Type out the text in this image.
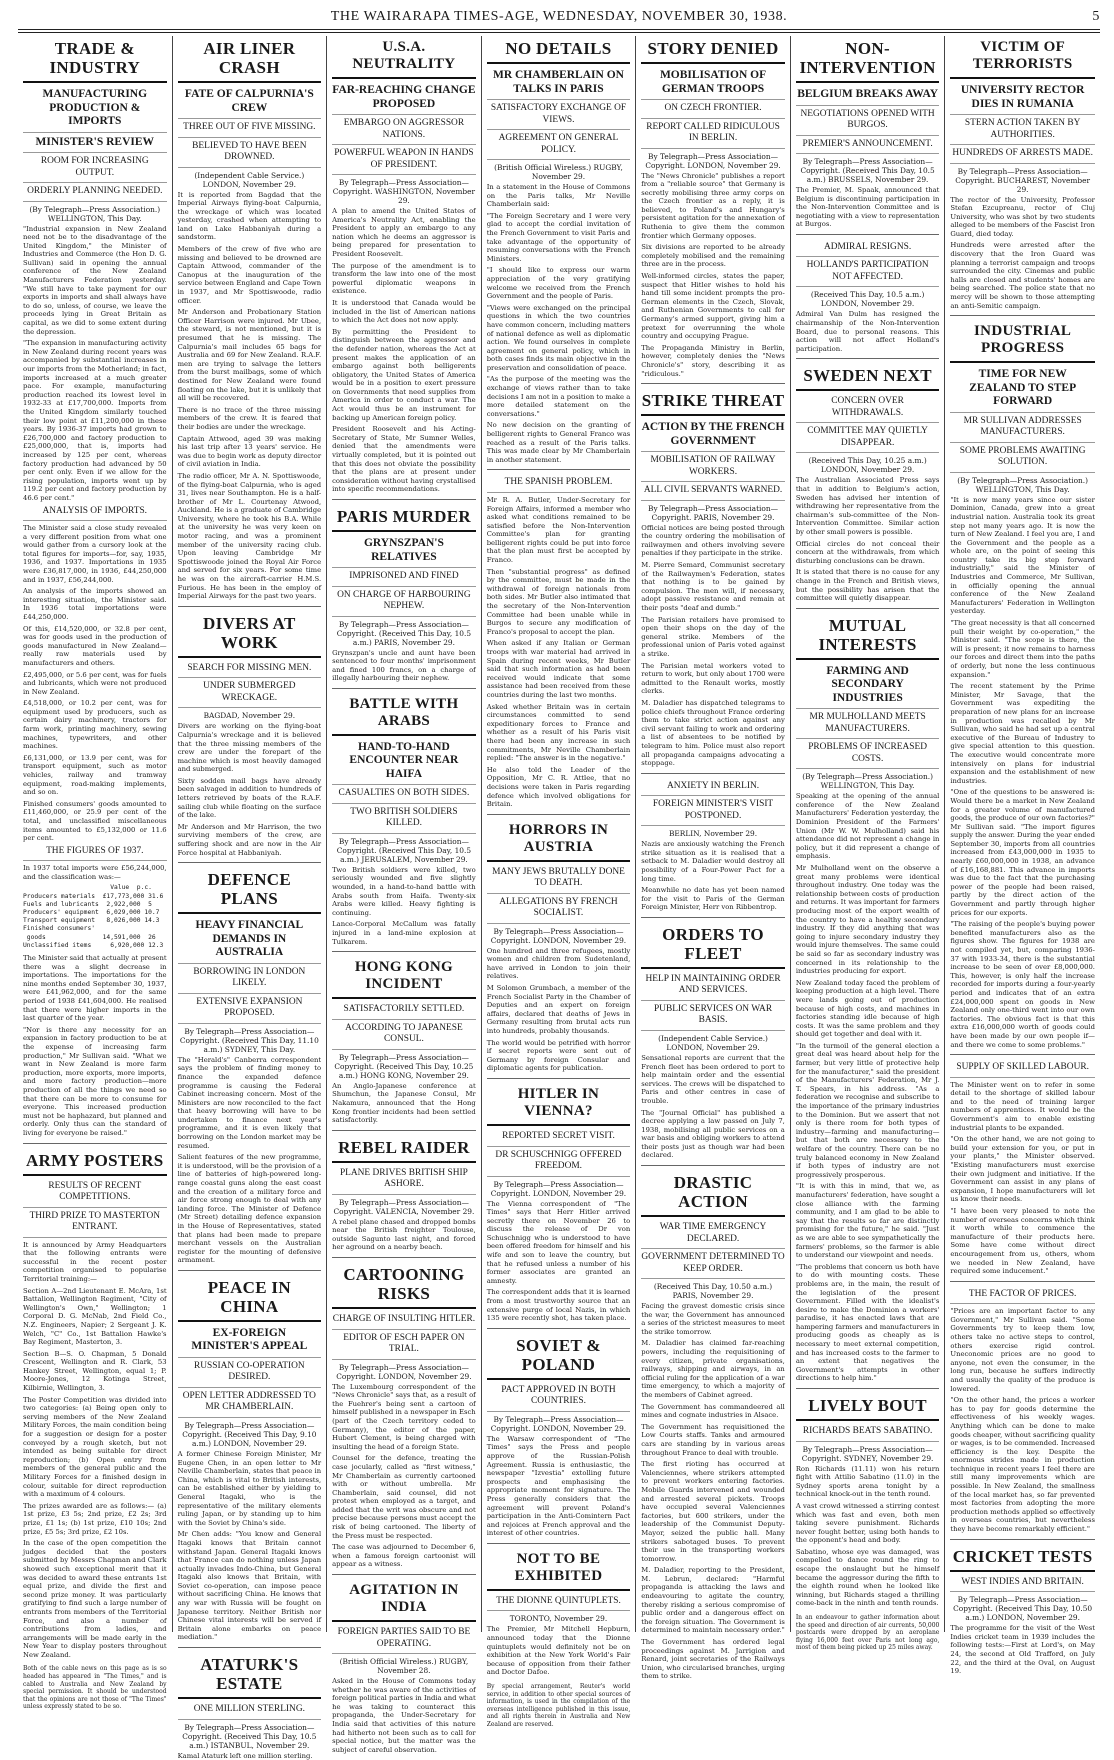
THE WAIRARAPA TIMES-AGE, WEDNESDAY, NOVEMBER 30, 1938.	5
TRADE & INDUSTRY
MANUFACTURING PRODUCTION & IMPORTS
MINISTER'S REVIEW
ROOM FOR INCREASING OUTPUT.
ORDERLY PLANNING NEEDED.
(By Telegraph—Press Association.) WELLINGTON, This Day.

"Industrial expansion in New Zealand need not be to the disadvantage of the United Kingdom," the Minister of Industries and Commerce (the Hon D. G. Sullivan) said in opening the annual conference of the New Zealand Manufacturers Federation yesterday. "We still have to take payment for our exports in imports and shall always have to do so, unless, of course, we leave the proceeds lying in Great Britain as capital, as we did to some extent during the depression.

"The expansion in manufacturing activity in New Zealand during recent years was accompanied by substantial increases in our imports from the Motherland; in fact, imports increased at a much greater pace. For example, manufacturing production reached its lowest level in 1932-33 at £17,700,000. Imports from the United Kingdom similarly touched their low point at £11,200,000 in these years. By 1936-37 imports had grown to £26,700,000 and factory production to £25,000,000, that is, imports had increased by 125 per cent, whereas factory production had advanced by 50 per cent only. Even if we allow for the rising population, imports went up by 119.2 per cent and factory production by 46.6 per cent."

ANALYSIS OF IMPORTS.

The Minister said a close study revealed a very different position from what one would gather from a cursory look at the total figures for imports—for, say, 1935, 1936, and 1937. Importations in 1935 were £36,817,000, in 1936, £44,250,000 and in 1937, £56,244,000.

An analysis of the imports showed an interesting situation, the Minister said. In 1936 total importations were £44,250,000.

Of this, £14,520,000, or 32.8 per cent, was for goods used in the production of goods manufactured in New Zealand—really raw materials used by manufacturers and others.

£2,495,000, or 5.6 per cent, was for fuels and lubricants, which were not produced in New Zealand.

£4,518,000, or 10.2 per cent, was for equipment used by producers, such as certain dairy machinery, tractors for farm work, printing machinery, sewing machines, typewriters, and other machines.

£6,131,000, or 13.9 per cent, was for transport equipment, such as motor vehicles, railway and tramway equipment, road-making implements, and so on.

Finished consumers' goods amounted to £11,460,000, or 25.9 per cent of the total, and unclassified miscellaneous items amounted to £5,132,000 or 11.6 per cent.

THE FIGURES OF 1937.

In 1937 total imports were £56,244,000, and the classification was:—

Value  p.c.
Producers materials  £17,773,000 31.6
Fuels and lubricants  2,922,000  5
Producers' equipment  6,029,000 10.7
Transport equipment   8,026,000 14.3
Finished consumers'
goods               14,591,000  26
Unclassified items     6,920,000 12.3

The Minister said that actually at present there was a slight decrease in importations. The importations for the nine months ended September 30, 1937, were £41,962,000, and for the same period of 1938 £41,604,000. He realised that there were higher imports in the last quarter of the year.

"Nor is there any necessity for an expansion in factory production to be at the expense of increasing farm production," Mr Sullivan said. "What we want in New Zealand is more farm production, more exports, more imports, and more factory production—more production of all the things we need so that there can be more to consume for everyone. This increased production must not be haphazard, but planned and orderly. Only thus can the standard of living for everyone be raised."

ARMY POSTERS
RESULTS OF RECENT COMPETITIONS.
THIRD PRIZE TO MASTERTON ENTRANT.

It is announced by Army Headquarters that the following entrants were successful in the recent poster competition organised to popularise Territorial training:—

Section A—2nd Lieutenant E. McAra, 1st Battalion, Wellington Regiment, "City of Wellington's Own," Wellington; 1 Corporal D. G. McNab, 2nd Field Co., N.Z. Engineers, Napier; 2 Sergeant J. K. Welch, "C" Co., 1st Battalion Hawke's Bay Regiment, Masterton, 3.

Section B—S. O. Chapman, 5 Donald Crescent, Wellington and R. Clark, 53 Hankey Street, Wellington, equal 1; P. Moore-Jones, 12 Kotinga Street, Kilbirnie, Wellington, 3.

The Poster Competition was divided into two categories: (a) Being open only to serving members of the New Zealand Military Forces, the main condition being for a suggestion or design for a poster conveyed by a rough sketch, but not intended as being suitable for direct reproduction; (b) Open entry from members of the general public and the Military Forces for a finished design in colour, suitable for direct reproduction with a maximum of 4 colours.

The prizes awarded are as follows:— (a) 1st prize, £3 5s; 2nd prize, £2 2s; 3rd prize, £1 1s; (b) 1st prize, £10 10s; 2nd prize, £5 5s; 3rd prize, £2 10s.

In the case of the open competition the judges decided that the posters submitted by Messrs Chapman and Clark showed such exceptional merit that it was decided to award these entrants 1st equal prize, and divide the first and second prize money. It was particularly gratifying to find such a large number of entrants from members of the Territorial Force, and also a number of contributions from ladies, and arrangements will be made early in the New Year to display posters throughout New Zealand.

Both of the cable news on this page as is so headed has appeared in "The Times," and is cabled to Australia and New Zealand by special permission. It should be understood that the opinions are not those of "The Times" unless expressly stated to be so.

AIR LINER CRASH
FATE OF CALPURNIA'S CREW
THREE OUT OF FIVE MISSING.
BELIEVED TO HAVE BEEN DROWNED.
(Independent Cable Service.) LONDON, November 29.

It is reported from Bagdad that the Imperial Airways flying-boat Calpurnia, the wreckage of which was located yesterday, crashed when attempting to land on Lake Habbaniyah during a sandstorm.

Members of the crew of five who are missing and believed to be drowned are Captain Attwood, commander of the Canopus at the inauguration of the service between England and Cape Town in 1937, and Mr Spottiswoode, radio officer.

Mr Anderson and Probationary Station Officer Harrison were injured. Mr Ubee, the steward, is not mentioned, but it is presumed that he is missing. The Calpurnia's mail includes 65 bags for Australia and 69 for New Zealand. R.A.F. men are trying to salvage the letters from the burst mailbags, some of which destined for New Zealand were found floating on the lake, but it is unlikely that all will be recovered.

There is no trace of the three missing members of the crew. It is feared that their bodies are under the wreckage.

Captain Attwood, aged 39 was making his last trip after 13 years' service. He was due to begin work as deputy director of civil aviation in India.

The radio officer, Mr A. N. Spottiswoode, of the flying-boat Calpurnia, who is aged 31, lives near Southampton. He is a half-brother of Mr L. Courtenay Atwood, Auckland. He is a graduate of Cambridge University, where he took his B.A. While at the university he was very keen on motor racing, and was a prominent member of the university racing club. Upon leaving Cambridge Mr Spottiswoode joined the Royal Air Force and served for six years. For some time he was on the aircraft-carrier H.M.S. Furious. He has been in the employ of Imperial Airways for the past two years.

DIVERS AT WORK
SEARCH FOR MISSING MEN.
UNDER SUBMERGED WRECKAGE.
BAGDAD, November 29.

Divers are working on the flying-boat Calpurnia's wreckage and it is believed that the three missing members of the crew are under the forepart of the machine which is most heavily damaged and submerged.

Sixty sodden mail bags have already been salvaged in addition to hundreds of letters retrieved by boats of the R.A.F. sailing club while floating on the surface of the lake.

Mr Anderson and Mr Harrison, the two surviving members of the crew, are suffering shock and are now in the Air Force hospital at Habbaniyah.

DEFENCE PLANS
HEAVY FINANCIAL DEMANDS IN AUSTRALIA
BORROWING IN LONDON LIKELY.
EXTENSIVE EXPANSION PROPOSED.
By Telegraph—Press Association—Copyright. (Received This Day, 11.10 a.m.) SYDNEY, This Day.

The "Herald's" Canberra correspondent says the problem of finding money to finance the expanded defence programme is causing the Federal Cabinet increasing concern. Most of the Ministers are now reconciled to the fact that heavy borrowing will have to be undertaken to finance next year's programme, and it is even likely that borrowing on the London market may be resumed.

Salient features of the new programme, it is understood, will be the provision of a line of batteries of high-powered long-range coastal guns along the east coast and the creation of a military force and air force strong enough to deal with any landing force. The Minister of Defence (Mr Street) detailing defence expansion in the House of Representatives, stated that plans had been made to prepare merchant vessels on the Australian register for the mounting of defensive armament.

PEACE IN CHINA
EX-FOREIGN MINISTER'S APPEAL
RUSSIAN CO-OPERATION DESIRED.
OPEN LETTER ADDRESSED TO MR CHAMBERLAIN.
By Telegraph—Press Association—Copyright. (Received This Day, 9.10 a.m.) LONDON, November 29.

A former Chinese Foreign Minister, Mr Eugene Chen, in an open letter to Mr Neville Chamberlain, states that peace in China, which is vital to British interests, can be established either by yielding to General Itagaki, who is the representative of the military elements ruling Japan, or by standing up to him with the Soviet by China's side.

Mr Chen adds: "You know and General Itagaki knows that Britain cannot withstand Japan. General Itagaki knows that France can do nothing unless Japan actually invades Indo-China, but General Itagaki also knows that Britain, with Soviet co-operation, can impose peace without sacrificing China. He knows that any war with Russia will be fought on Japanese territory. Neither British nor Chinese vital interests will be served if Britain alone embarks on peace mediation."

ATATURK'S ESTATE
ONE MILLION STERLING.
By Telegraph—Press Association—Copyright. (Received This Day, 10.5 a.m.) ISTANBUL, November 29.

Kamal Ataturk left one million sterling.

U.S.A. NEUTRALITY
FAR-REACHING CHANGE PROPOSED
EMBARGO ON AGGRESSOR NATIONS.
POWERFUL WEAPON IN HANDS OF PRESIDENT.
By Telegraph—Press Association—Copyright. WASHINGTON, November 29.

A plan to amend the United States of America's Neutrality Act, enabling the President to apply an embargo to any nation which he deems an aggressor is being prepared for presentation to President Roosevelt.

The purpose of the amendment is to transform the law into one of the most powerful diplomatic weapons in existence.

It is understood that Canada would be included in the list of American nations to which the Act does not now apply.

By permitting the President to distinguish between the aggressor and the defender nation, whereas the Act at present makes the application of an embargo against both belligerents obligatory, the United States of America would be in a position to exert pressure on Governments that need supplies from America in order to conduct a war. The Act would thus be an instrument for backing up American foreign policy.

President Roosevelt and his Acting-Secretary of State, Mr Sumner Welles, denied that the amendments were virtually completed, but it is pointed out that this does not obviate the possibility that the plans are at present under consideration without having crystallised into specific recommendations.

PARIS MURDER
GRYNSZPAN'S RELATIVES
IMPRISONED AND FINED
ON CHARGE OF HARBOURING NEPHEW.
By Telegraph—Press Association—Copyright. (Received This Day, 10.5 a.m.) PARIS, November 29.

Grynszpan's uncle and aunt have been sentenced to four months' imprisonment and fined 100 francs, on a charge of illegally harbouring their nephew.

BATTLE WITH ARABS
HAND-TO-HAND ENCOUNTER NEAR HAIFA
CASUALTIES ON BOTH SIDES.
TWO BRITISH SOLDIERS KILLED.
By Telegraph—Press Association—Copyright. (Received This Day, 10.5 a.m.) JERUSALEM, November 29.

Two British soldiers were killed, two seriously wounded and five slightly wounded, in a hand-to-hand battle with Arabs south from Haifa. Twenty-six Arabs were killed. Heavy fighting is continuing.

Lance-Corporal McCallum was fatally injured in a land-mine explosion at Tulkarem.

HONG KONG INCIDENT
SATISFACTORILY SETTLED.
ACCORDING TO JAPANESE CONSUL.
By Telegraph—Press Association—Copyright. (Received This Day, 10.25 a.m.) HONG KONG, November 29.

An Anglo-Japanese conference at Shumchun, the Japanese Consul, Mr Nakamura, announced that the Hong Kong frontier incidents had been settled satisfactorily.

REBEL RAIDER
PLANE DRIVES BRITISH SHIP ASHORE.
By Telegraph—Press Association—Copyright. VALENCIA, November 29.

A rebel plane chased and dropped bombs near the British freighter Toulouse, outside Sagunto last night, and forced her aground on a nearby beach.

CARTOONING RISKS
CHARGE OF INSULTING HITLER.
EDITOR OF ESCH PAPER ON TRIAL.
By Telegraph—Press Association—Copyright. LONDON, November 29.

The Luxembourg correspondent of the "News Chronicle" says that, as a result of the Fuehrer's being sent a cartoon of himself published in a newspaper in Esch (part of the Czech territory ceded to Germany), the editor of the paper, Hubert Clement, is being charged with insulting the head of a foreign State.

Counsel for the defence, treating the case jocularly, called as "first witness," Mr Chamberlain as currently cartooned with or without umbrella. Mr Chamberlain, said counsel, did not protest when employed as a target, and added that the writ was obscure and not precise because persons must accept the risk of being cartooned. The liberty of the Press must be respected.

The case was adjourned to December 6, when a famous foreign cartoonist will appear as a witness.

AGITATION IN INDIA
FOREIGN PARTIES SAID TO BE OPERATING.
(British Official Wireless.) RUGBY, November 28.

Asked in the House of Commons today whether he was aware of the activities of foreign political parties in India and what he was taking to counteract this propaganda, the Under-Secretary for India said that activities of this nature had hitherto not been such as to call for special notice, but the matter was the subject of careful observation.

NO DETAILS
MR CHAMBERLAIN ON TALKS IN PARIS
SATISFACTORY EXCHANGE OF VIEWS.
AGREEMENT ON GENERAL POLICY.
(British Official Wireless.) RUGBY, November 29.

In a statement in the House of Commons on the Paris talks, Mr Neville Chamberlain said:

"The Foreign Secretary and I were very glad to accept the cordial invitation of the French Government to visit Paris and take advantage of the opportunity of resuming conversations with the French Ministers.

"I should like to express our warm appreciation of the very gratifying welcome we received from the French Government and the people of Paris.

"Views were exchanged on the principal questions in which the two countries have common concern, including matters of national defence as well as diplomatic action. We found ourselves in complete agreement on general policy, which in both cases finds its main objective in the preservation and consolidation of peace.

"As the purpose of the meeting was the exchange of views rather than to take decisions I am not in a position to make a more detailed statement on the conversations."

No new decision on the granting of belligerent rights to General Franco was reached as a result of the Paris talks. This was made clear by Mr Chamberlain in another statement.

THE SPANISH PROBLEM.

Mr R. A. Butler, Under-Secretary for Foreign Affairs, informed a member who asked what conditions remained to be satisfied before the Non-Intervention Committee's plan for granting belligerent rights could be put into force that the plan must first be accepted by Franco.

Then "substantial progress" as defined by the committee, must be made in the withdrawal of foreign nationals from both sides. Mr Butler also intimated that the secretary of the Non-Intervention Committee had been unable while in Burgos to secure any modification of Franco's proposal to accept the plan.

When asked if any Italian or German troops with war material had arrived in Spain during recent weeks, Mr Butler said that such information as had been received would indicate that some assistance had been received from these countries during the last two months.

Asked whether Britain was in certain circumstances committed to send expeditionary forces to France and whether as a result of his Paris visit there had been any increase in such commitments, Mr Neville Chamberlain replied: "The answer is in the negative."

He also told the Leader of the Opposition, Mr C. R. Attlee, that no decisions were taken in Paris regarding defence which involved obligations for Britain.

HORRORS IN AUSTRIA
MANY JEWS BRUTALLY DONE TO DEATH.
ALLEGATIONS BY FRENCH SOCIALIST.
By Telegraph—Press Association—Copyright. LONDON, November 29.

One hundred and three refugees, mostly women and children from Sudetenland, have arrived in London to join their relatives.

M Solomon Grumbach, a member of the French Socialist Party in the Chamber of Deputies and an expert on foreign affairs, declared that deaths of Jews in Germany resulting from brutal acts run into hundreds, probably thousands.

The world would be petrified with horror if secret reports were sent out of Germany by foreign Consular and diplomatic agents for publication.

HITLER IN VIENNA?
REPORTED SECRET VISIT.
DR SCHUSCHNIGG OFFERED FREEDOM.
By Telegraph—Press Association—Copyright. LONDON, November 29.

The Vienna correspondent of "The Times" says that Herr Hitler arrived secretly there on November 26 to discuss the release of Dr von Schuschnigg who is understood to have been offered freedom for himself and his wife and son to leave the country, but that he refused unless a number of his former associates are granted an amnesty.

The correspondent adds that it is learned from a most trustworthy source that an extensive purge of local Nazis, in which 135 were recently shot, has taken place.

SOVIET & POLAND
PACT APPROVED IN BOTH COUNTRIES.
By Telegraph—Press Association—Copyright. LONDON, November 29.

The Warsaw correspondent of "The Times" says the Press and people approve of the Russian-Polish Agreement. Russia is enthusiastic, the newspaper "Izvestia" extolling future prospects and emphasising the appropriate moment for signature. The Press generally considers that the agreement will prevent Poland's participation in the Anti-Comintern Pact and rejoices at French approval and the interest of other countries.

NOT TO BE EXHIBITED
THE DIONNE QUINTUPLETS.
TORONTO, November 29.

The Premier, Mr Mitchell Hepburn, announced today that the Dionne quintuplets would definitely not be on exhibition at the New York World's Fair because of opposition from their father and Doctor Dafoe.

By special arrangement, Reuter's world service, in addition to other special sources of information, is used in the compilation of the overseas intelligence published in this issue, and all rights therein in Australia and New Zealand are reserved.

STORY DENIED
MOBILISATION OF GERMAN TROOPS
ON CZECH FRONTIER.
REPORT CALLED RIDICULOUS IN BERLIN.
By Telegraph—Press Association—Copyright. LONDON, November 29.

The "News Chronicle" publishes a report from a "reliable source" that Germany is secretly mobilising three army corps on the Czech frontier as a reply, it is believed, to Poland's and Hungary's persistent agitation for the annexation of Ruthenia to give them the common frontier which Germany opposes.

Six divisions are reported to be already completely mobilised and the remaining three are in the process.

Well-informed circles, states the paper, suspect that Hitler wishes to hold his hand till some incident prompts the pro-German elements in the Czech, Slovak, and Ruthenian Governments to call for Germany's armed support, giving him a pretext for overrunning the whole country and occupying Prague.

The Propaganda Ministry in Berlin, however, completely denies the "News Chronicle's" story, describing it as "ridiculous."

STRIKE THREAT
ACTION BY THE FRENCH GOVERNMENT
MOBILISATION OF RAILWAY WORKERS.
ALL CIVIL SERVANTS WARNED.
By Telegraph—Press Association—Copyright. PARIS, November 29.

Official notices are being posted through the country ordering the mobilisation of railwaymen and others involving severe penalties if they participate in the strike.

M. Pierre Semard, Communist secretary of the Railwaymen's Federation, states that nothing is to be gained by compulsion. The men will, if necessary, adopt passive resistance and remain at their posts "deaf and dumb."

The Parisian retailers have promised to open their shops on the day of the general strike. Members of the professional union of Paris voted against a strike.

The Parisian metal workers voted to return to work, but only about 1700 were admitted to the Renault works, mostly clerks.

M. Daladier has dispatched telegrams to police chiefs throughout France ordering them to take strict action against any civil servant failing to work and ordering a list of absentees to be notified by telegram to him. Police must also report all propaganda campaigns advocating a stoppage.

ANXIETY IN BERLIN.
FOREIGN MINISTER'S VISIT POSTPONED.
BERLIN, November 29.

Nazis are anxiously watching the French strike situation as it is realised that a setback to M. Daladier would destroy all possibility of a Four-Power Pact for a long time.

Meanwhile no date has yet been named for the visit to Paris of the German Foreign Minister, Herr von Ribbentrop.

ORDERS TO FLEET
HELP IN MAINTAINING ORDER AND SERVICES.
PUBLIC SERVICES ON WAR BASIS.
(Independent Cable Service.) LONDON, November 29.

Sensational reports are current that the French fleet has been ordered to port to help maintain order and the essential services. The crews will be dispatched to Paris and other centres in case of trouble.

The "Journal Official" has published a decree applying a law passed on July 7, 1938, mobilising all public services on a war basis and obliging workers to attend their posts just as though war had been declared.

DRASTIC ACTION
WAR TIME EMERGENCY DECLARED.
GOVERNMENT DETERMINED TO KEEP ORDER.
(Received This Day, 10.50 a.m.) PARIS, November 29.

Facing the gravest domestic crisis since the war, the Government has announced a series of the strictest measures to meet the strike tomorrow.

M. Daladier has claimed far-reaching powers, including the requisitioning of every citizen, private organisations, railways, shipping and airways, in an official ruling for the application of a war time emergency, to which a majority of the members of Cabinet agreed.

The Government has commandeered all mines and cognate industries in Alsace.

The Government has requisitioned the Low Courts staffs. Tanks and armoured cars are standing by in various areas throughout France to deal with trouble.

The first rioting has occurred at Valenciennes, where strikers attempted to prevent workers entering factories. Mobile Guards intervened and wounded and arrested several pickets. Troops have occupied several Valenciennes factories, but 600 strikers, under the leadership of the Communist Deputy-Mayor, seized the public hall. Many strikers sabotaged buses. To prevent their use in the transporting workers tomorrow.

M. Daladier, reporting to the President, M. Lebrun, declared: "Harmful propaganda is attacking the laws and endeavouring to agitate the country, thereby risking a serious compromise of public order and a dangerous effect on the foreign situation. The Government is determined to maintain necessary order."

The Government has ordered legal proceedings against M. Jarrigion and Renard, joint secretaries of the Railways Union, who circularised branches, urging them to strike.

NON-INTERVENTION
BELGIUM BREAKS AWAY
NEGOTIATIONS OPENED WITH BURGOS.
PREMIER'S ANNOUNCEMENT.
By Telegraph—Press Association—Copyright. (Received This Day, 10.5 a.m.) BRUSSELS, November 29.

The Premier, M. Spaak, announced that Belgium is discontinuing participation in the Non-Intervention Committee and is negotiating with a view to representation at Burgos.

ADMIRAL RESIGNS.
HOLLAND'S PARTICIPATION NOT AFFECTED.
(Received This Day, 10.5 a.m.) LONDON, November 29.

Admiral Van Dulm has resigned the chairmanship of the Non-Intervention Board, due to personal reasons. This action will not affect Holland's participation.

SWEDEN NEXT
CONCERN OVER WITHDRAWALS.
COMMITTEE MAY QUIETLY DISAPPEAR.
(Received This Day, 10.25 a.m.) LONDON, November 29.

The Australian Associated Press says that in addition to Belgium's action, Sweden has advised her intention of withdrawing her representative from the chairman's sub-committee of the Non-Intervention Committee. Similar action by other small powers is possible.

Official circles do not conceal their concern at the withdrawals, from which disturbing conclusions can be drawn.

It is stated that there is no cause for any change in the French and British views, but the possibility has arisen that the committee will quietly disappear.

MUTUAL INTERESTS
FARMING AND SECONDARY INDUSTRIES
MR MULHOLLAND MEETS MANUFACTURERS.
PROBLEMS OF INCREASED COSTS.
(By Telegraph—Press Association.) WELLINGTON, This Day.

Speaking at the opening of the annual conference of the New Zealand Manufacturers' Federation yesterday, the Dominion President of the Farmers' Union (Mr W. W. Mulholland) said his attendance did not represent a change in policy, but it did represent a change of emphasis.

Mr Mulholland went on the observe a great many problems were identical throughout industry. One today was the relationship between costs of production and returns. It was important for farmers producing most of the export wealth of the country to have a healthy secondary industry. If they did anything that was going to injure secondary industry they would injure themselves. The same could be said so far as secondary industry was concerned in its relationship to the industries producing for export.

New Zealand today faced the problem of keeping production at a high level. There were lands going out of production because of high costs, and machines in factories standing idle because of high costs. It was the same problem and they should get together and deal with it.

"In the turmoil of the general election a great deal was heard about help for the farmer, but very little of protective help for the manufacturer," said the president of the Manufacturers' Federation, Mr J. T. Spears, in his address. "As a federation we recognise and subscribe to the importance of the primary industries to the Dominion. But we assert that not only is there room for both types of industry—farming and manufacturing—but that both are necessary to the welfare of the country. There can be no truly balanced economy in New Zealand if both types of industry are not progressively prosperous.

"It is with this in mind, that we, as manufacturers' federation, have sought a close alliance with the farming community, and I am glad to be able to say that the results so far are distinctly promising for the future," he said. "Just as we are able to see sympathetically the farmers' problems, so the farmer is able to understand our viewpoint and needs.

"The problems that concern us both have to do with mounting costs. These problems are, in the main, the result of the legislation of the present Government. Filled with the idealist's desire to make the Dominion a workers' paradise, it has enacted laws that are hampering farmers and manufacturers in producing goods as cheaply as is necessary to meet external competition, and has increased costs to the farmer to an extent that negatives the Government's attempts in other directions to help him."

LIVELY BOUT
RICHARDS BEATS SABATINO.
By Telegraph—Press Association—Copyright. SYDNEY, November 29.

Ron Richards (11.11) won his return fight with Attilio Sabatino (11.0) in the Sydney sports arena tonight by a technical knock-out in the tenth round.

A vast crowd witnessed a stirring contest which was fast and even, both men taking severe punishment. Richards never fought better, using both hands to the opponent's head and body.

Sabatino, whose eye was damaged, was compelled to dance round the ring to escape the onslaught but he himself became the aggressor during the fifth to the eighth round when he looked like winning, but Richards staged a thrilling come-back in the ninth and tenth rounds.

In an endeavour to gather information about the speed and direction of air currents, 50,000 postcards were dropped by an aeroplane flying 16,000 feet over Paris not long ago, most of them being picked up 25 miles away.

VICTIM OF TERRORISTS
UNIVERSITY RECTOR DIES IN RUMANIA
STERN ACTION TAKEN BY AUTHORITIES.
HUNDREDS OF ARRESTS MADE.
By Telegraph—Press Association—Copyright. BUCHAREST, November 29.

The rector of the University, Professor Stefan Ezcupreanu, rector of Cluj University, who was shot by two students alleged to be members of the Fascist Iron Guard, died today.

Hundreds were arrested after the discovery that the Iron Guard was planning a terrorist campaign and troops surrounded the city. Cinemas and public halls are closed and students' homes are being searched. The police state that no mercy will be shown to those attempting an anti-Semitic campaign.

INDUSTRIAL PROGRESS
TIME FOR NEW ZEALAND TO STEP FORWARD
MR SULLIVAN ADDRESSES MANUFACTURERS.
SOME PROBLEMS AWAITING SOLUTION.
(By Telegraph—Press Association.) WELLINGTON, This Day.

"It is now many years since our sister Dominion, Canada, grew into a great industrial nation. Australia took its great step not many years ago. It is now the turn of New Zealand. I feel you are, I and the Government and the people as a whole are, on the point of seeing this country take its big step forward industrially," said the Minister of Industries and Commerce, Mr Sullivan, in officially opening the annual conference of the New Zealand Manufacturers' Federation in Wellington yesterday.

"The great necessity is that all concerned pull their weight by co-operation," the Minister said. "The scope is there, the will is present; it now remains to harness our forces and direct them into the paths of orderly, but none the less continuous expansion."

The recent statement by the Prime Minister, Mr Savage, that the Government was expediting the preparation of new plans for an increase in production was recalled by Mr Sullivan, who said he had set up a central executive of the Bureau of Industry to give special attention to this question. The executive would concentrate more intensively on plans for industrial expansion and the establishment of new industries.

"One of the questions to be answered is: Would there be a market in New Zealand for a greater volume of manufactured goods, the produce of our own factories?" Mr Sullivan said. "The import figures supply the answer. During the year ended September 30, imports from all countries increased from £43,000,000 in 1935 to nearly £60,000,000 in 1938, an advance of £16,168,881. This advance in imports was due to the fact that the purchasing power of the people had been raised, partly by the direct action of the Government and partly through higher prices for our exports.

"The raising of the people's buying power benefited manufacturers also as the figures show. The figures for 1938 are not compiled yet, but, comparing 1936-37 with 1933-34, there is the substantial increase to be seen of over £8,000,000. This, however, is only half the increase recorded for imports during a four-yearly period and indicates that of an extra £24,000,000 spent on goods in New Zealand only one-third went into our own factories. The obvious fact is that this extra £16,000,000 worth of goods could have been made by our own people if—and there we come to some problems."

SUPPLY OF SKILLED LABOUR.

The Minister went on to refer in some detail to the shortage of skilled labour and to the need of training larger numbers of apprentices. It would be the Government's aim to enable existing industrial plants to be expanded.

"On the other hand, we are not going to build your extension for you, or put in your plants," the Minister observed. "Existing manufacturers must exercise their own judgment and initiative. If the Government can assist in any plans of expansion, I hope manufacturers will let us know their needs.

"I have been very pleased to note the number of overseas concerns which think it worth while to commence the manufacture of their products here. Some have come without direct encouragement from us, others, whom we needed in New Zealand, have required some inducement."

THE FACTOR OF PRICES.

"Prices are an important factor to any Government," Mr Sullivan said. "Some Governments try to keep them low, others take no active steps to control, others exercise rigid control. Uneconomic prices are no good to anyone, not even the consumer, in the long run, because he suffers indirectly and usually the quality of the produce is lowered.

"On the other hand, the prices a worker has to pay for goods determine the effectiveness of his weekly wages. Anything which can be done to make goods cheaper, without sacrificing quality or wages, is to be commended. Increased efficiency is the key. Despite the enormous strides made in production technique in recent years I feel there are still many improvements which are possible. In New Zealand, the smallness of the local market has, so far prevented most factories from adopting the more production methods applied so effectively in overseas countries, but nevertheless they have become remarkably efficient."

CRICKET TESTS
WEST INDIES AND BRITAIN.
By Telegraph—Press Association—Copyright. (Received This Day, 10.50 a.m.) LONDON, November 29.

The programme for the visit of the West Indies cricket team in 1939 includes the following tests:—First at Lord's, on May 24, the second at Old Trafford, on July 22, and the third at the Oval, on August 19.
